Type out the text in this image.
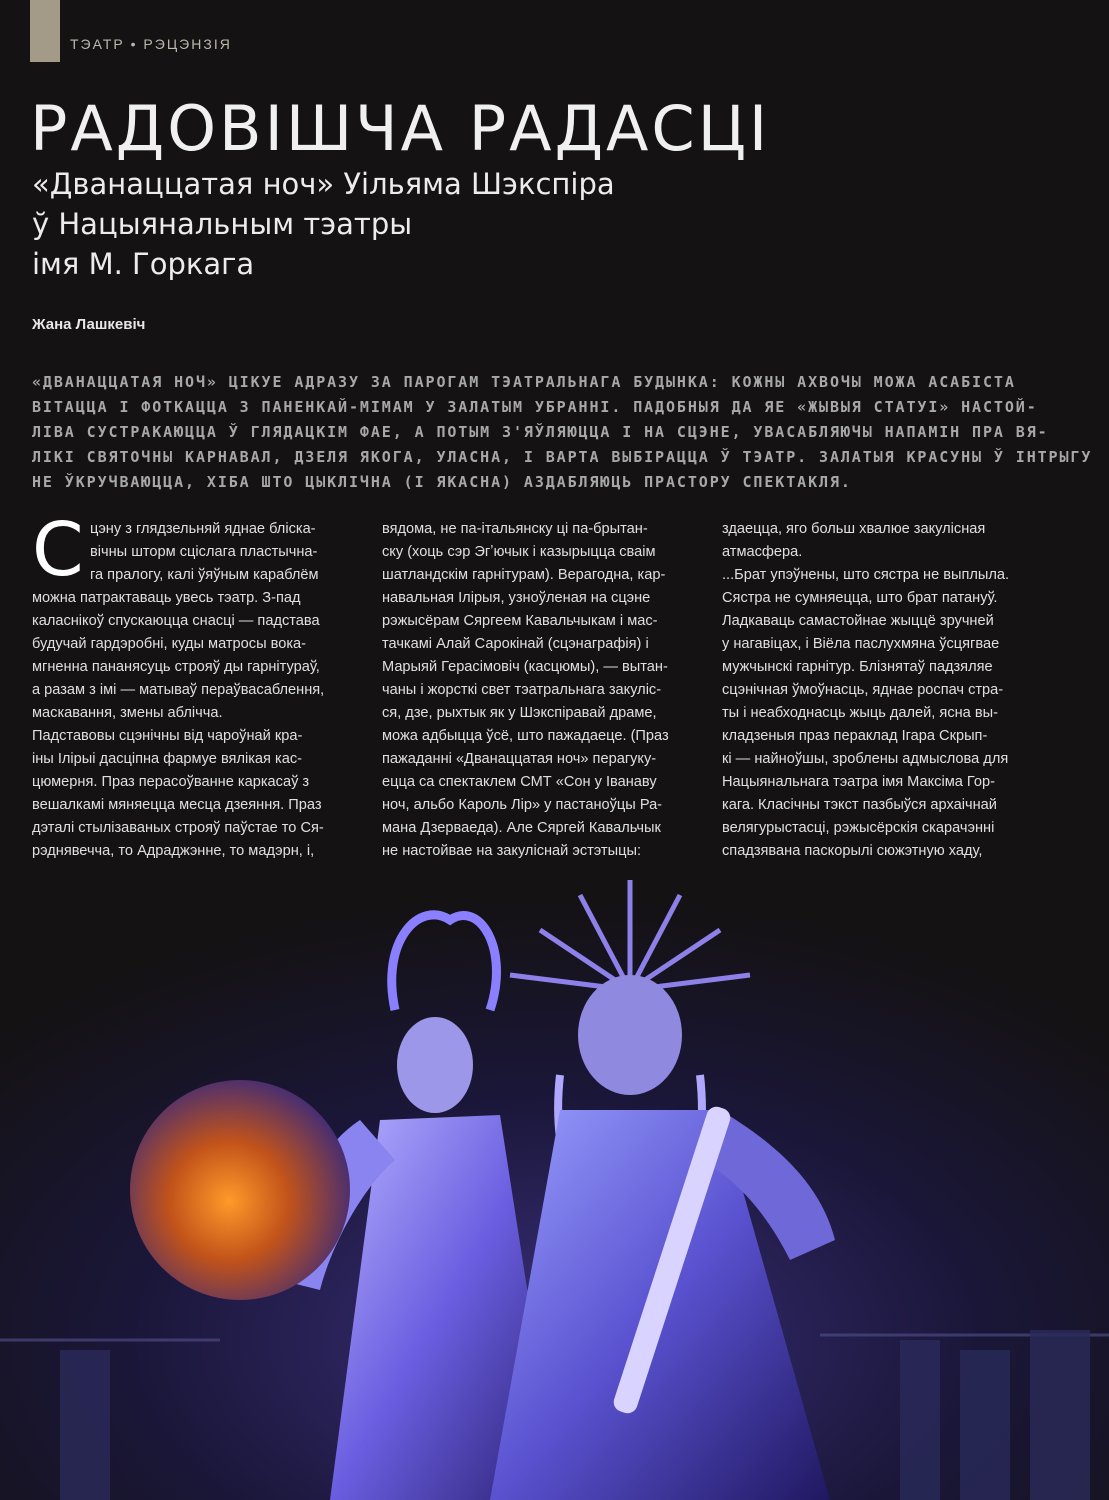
ТЭАТР • РЭЦЭНЗІЯ
РАДОВІШЧА РАДАСЦІ
«Дванаццатая ноч» Уільяма Шэкспіра
ў Нацыянальным тэатры
імя М. Горкага
Жана Лашкевіч
«ДВАНАЦЦАТАЯ НОЧ» ЦІКУЕ АДРАЗУ ЗА ПАРОГАМ ТЭАТРАЛЬНАГА БУДЫНКА: КОЖНЫ АХВОЧЫ МОЖА АСАБІСТА
ВІТАЦЦА І ФОТКАЦЦА З ПАНЕНКАЙ-МІМАМ У ЗАЛАТЫМ УБРАННІ. ПАДОБНЫЯ ДА ЯЕ «ЖЫВЫЯ СТАТУІ» НАСТОЙ-
ЛІВА СУСТРАКАЮЦЦА Ў ГЛЯДАЦКІМ ФАЕ, А ПОТЫМ З'ЯЎЛЯЮЦЦА І НА СЦЭНЕ, УВАСАБЛЯЮЧЫ НАПАМІН ПРА ВЯ-
ЛІКІ СВЯТОЧНЫ КАРНАВАЛ, ДЗЕЛЯ ЯКОГА, УЛАСНА, І ВАРТА ВЫБІРАЦЦА Ў ТЭАТР. ЗАЛАТЫЯ КРАСУНЫ Ў ІНТРЫГУ
НЕ ЎКРУЧВАЮЦЦА, ХІБА ШТО ЦЫКЛІЧНА (І ЯКАСНА) АЗДАБЛЯЮЦЬ ПРАСТОРУ СПЕКТАКЛЯ.
С цэну з глядзельняй яднае бліска-
вічны шторм сціслага пластычна-
га пралогу, калі ўяўным караблём
можна патрактаваць увесь тэатр. З-пад
каласнікоў спускаюцца снасці — падстава
будучай гардэробні, куды матросы вока-
мгненна пананясуць строяў ды гарнітураў,
а разам з імі — матываў пераўвасаблення,
маскавання, змены аблічча.
Падставовы сцэнічны від чароўнай кра-
іны Ілірыі дасціпна фармуе вялікая кас-
цюмерня. Праз перасоўванне каркасаў з
вешалкамі мяняецца месца дзеяння. Праз
дэталі стылізаваных строяў паўстае то Ся-
рэднявечча, то Адраджэнне, то мадэрн, і,
вядома, не па-італьянску ці па-брытан-
ску (хоць сэр Эгʼючык і казырыцца сваім
шатландскім гарнітурам). Верагодна, кар-
навальная Ілірыя, узноўленая на сцэне
рэжысёрам Сяргеем Кавальчыкам і мас-
тачкамі Алай Сарокінай (сцэнаграфія) і
Марыяй Герасімовіч (касцюмы), — вытан-
чаны і жорсткі свет тэатральнага закуліс-
ся, дзе, рыхтык як у Шэкспіравай драме,
можа адбыцца ўсё, што пажадаеце. (Праз
пажаданні «Дванаццатая ноч» перагуку-
ецца са спектаклем СМТ «Сон у Іванаву
ноч, альбо Кароль Лір» у пастаноўцы Ра-
мана Дзерваеда). Але Сяргей Кавальчык
не настойвае на закуліснай эстэтыцы:
здаецца, яго больш хвалюе закулісная
атмасфера.
...Брат упэўнены, што сястра не выплыла.
Сястра не сумняецца, што брат патануў.
Ладкаваць самастойнае жыццё зручней
у нагавіцах, і Віёла паслухмяна ўсцягвае
мужчынскі гарнітур. Блізнятаў падзяляе
сцэнічная ўмоўнасць, яднае роспач стра-
ты і неабходнасць жыць далей, ясна вы-
кладзеныя праз пераклад Ігара Скрып-
кі — найноўшы, зроблены адмыслова для
Нацыянальнага тэатра імя Максіма Гор-
кага. Класічны тэкст пазбыўся архаічнай
велягурыстасці, рэжысёрскія скарачэнні
спадзявана паскорылі сюжэтную хаду,
